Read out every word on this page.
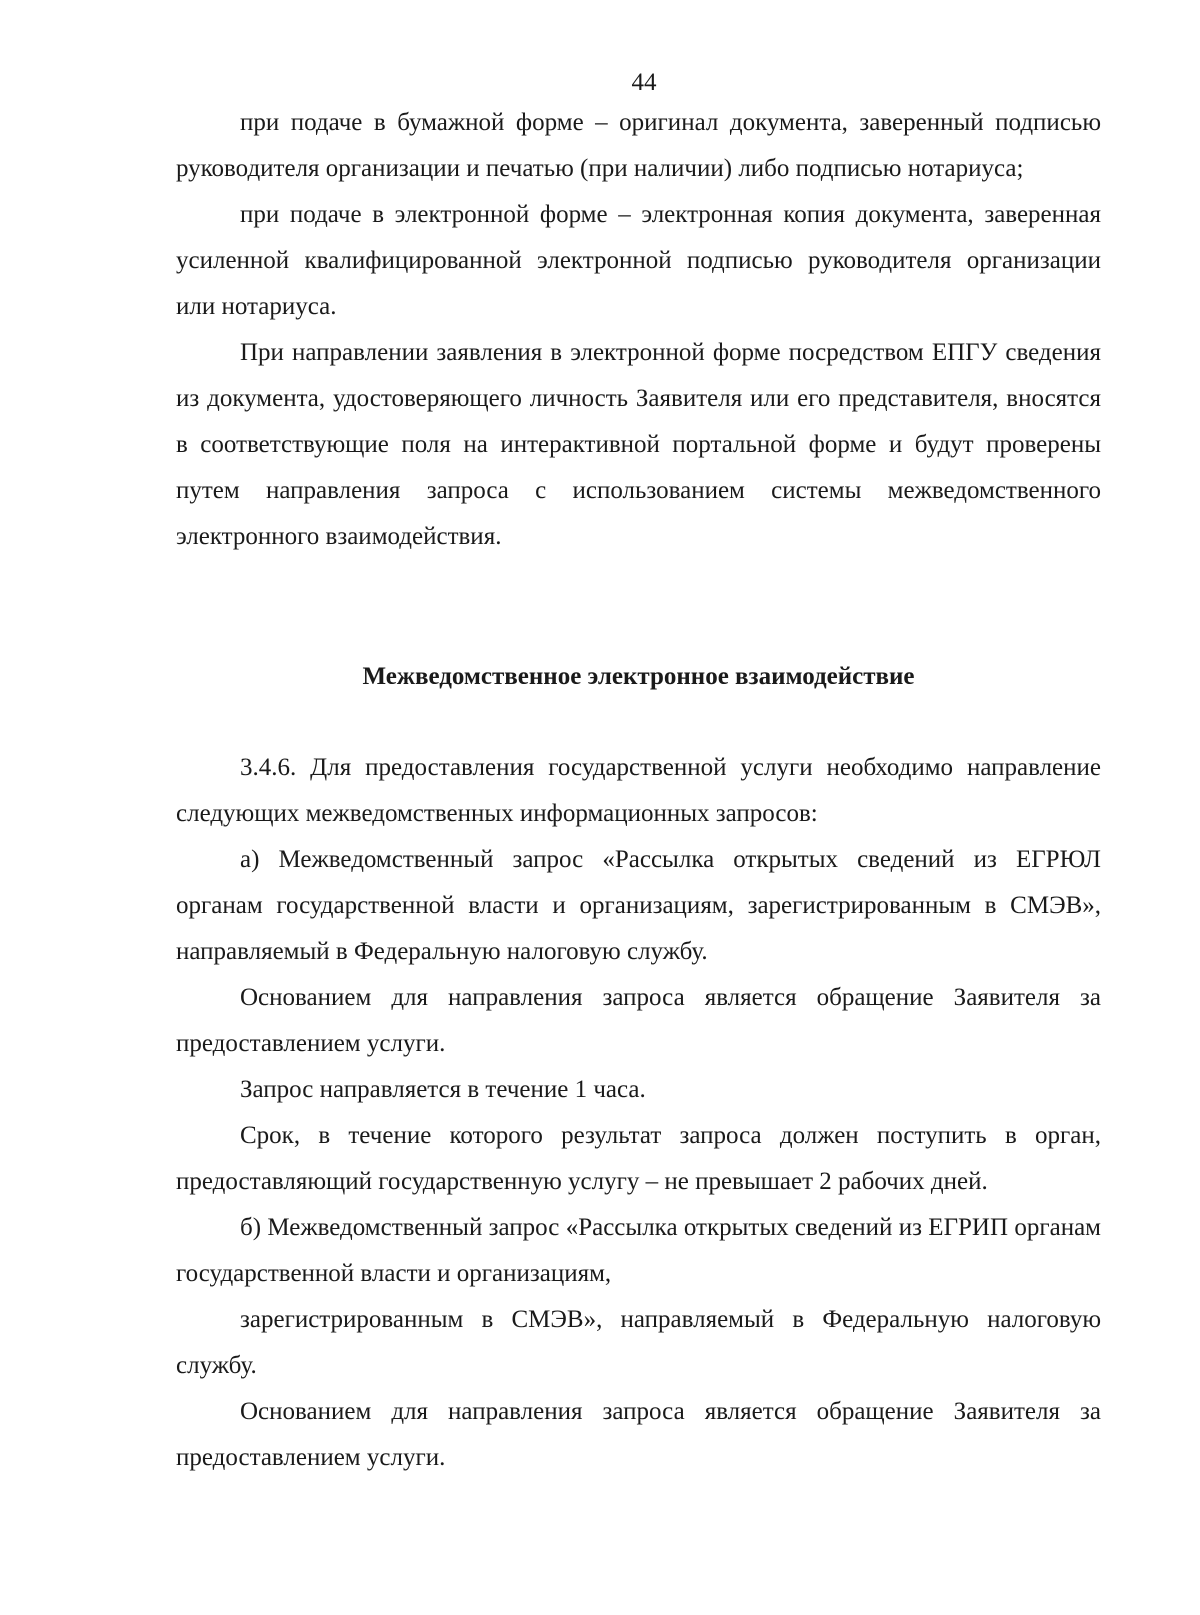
44

при подаче в бумажной форме – оригинал документа, заверенный подписью руководителя организации и печатью (при наличии) либо подписью нотариуса;

при подаче в электронной форме – электронная копия документа, заверенная усиленной квалифицированной электронной подписью руководителя организации или нотариуса.

При направлении заявления в электронной форме посредством ЕПГУ сведения из документа, удостоверяющего личность Заявителя или его представителя, вносятся в соответствующие поля на интерактивной портальной форме и будут проверены путем направления запроса с использованием системы межведомственного электронного взаимодействия.

Межведомственное электронное взаимодействие

3.4.6. Для предоставления государственной услуги необходимо направление следующих межведомственных информационных запросов:

а) Межведомственный запрос «Рассылка открытых сведений из ЕГРЮЛ органам государственной власти и организациям, зарегистрированным в СМЭВ», направляемый в Федеральную налоговую службу.

Основанием для направления запроса является обращение Заявителя за предоставлением услуги.

Запрос направляется в течение 1 часа.

Срок, в течение которого результат запроса должен поступить в орган, предоставляющий государственную услугу – не превышает 2 рабочих дней.

б) Межведомственный запрос «Рассылка открытых сведений из ЕГРИП органам государственной власти и организациям,

зарегистрированным в СМЭВ», направляемый в Федеральную налоговую службу.

Основанием для направления запроса является обращение Заявителя за предоставлением услуги.
